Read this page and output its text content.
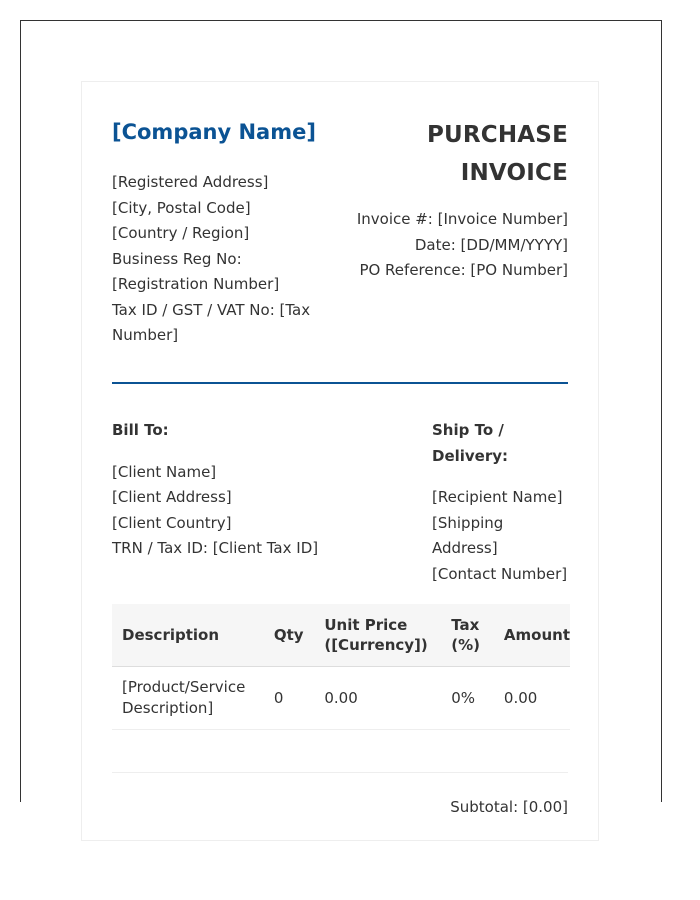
[Company Name]
[Registered Address]
[City, Postal Code]
[Country / Region]
Business Reg No: [Registration Number]
Tax ID / GST / VAT No: [Tax Number]
PURCHASE
INVOICE
Invoice #: [Invoice Number]
Date: [DD/MM/YYYY]
PO Reference: [PO Number]
Bill To:
[Client Name]
[Client Address]
[Client Country]
TRN / Tax ID: [Client Tax ID]
Ship To / Delivery:
[Recipient Name]
[Shipping Address]
[Contact Number]
Description	Qty	Unit Price ([Currency])	Tax (%)	Amount
[Product/Service Description]	0	0.00	0%	0.00
Subtotal: [0.00]
